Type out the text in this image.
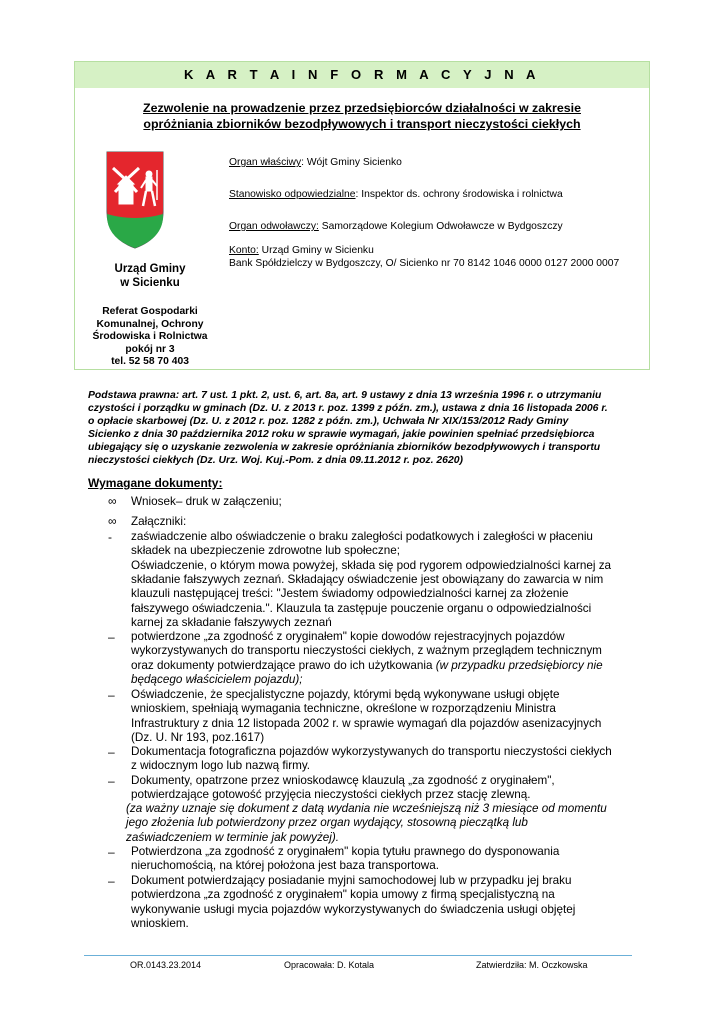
K A R T A I N F O R M A C Y J N A
Zezwolenie na prowadzenie przez przedsiębiorców działalności w zakresie
opróżniania zbiorników bezodpływowych i transport nieczystości ciekłych
Urząd Gminy
w Sicienku
Referat Gospodarki
Komunalnej, Ochrony
Środowiska i Rolnictwa
pokój nr 3
tel. 52 58 70 403
Organ właściwy: Wójt Gminy Sicienko
Stanowisko odpowiedzialne: Inspektor ds. ochrony środowiska i rolnictwa
Organ odwoławczy: Samorządowe Kolegium Odwoławcze w Bydgoszczy
Konto: Urząd Gminy w Sicienku
Bank Spółdzielczy w Bydgoszczy, O/ Sicienko nr 70 8142 1046 0000 0127 2000 0007
Podstawa prawna: art. 7 ust. 1 pkt. 2, ust. 6, art. 8a, art. 9 ustawy z dnia 13 września 1996 r. o utrzymaniu
czystości i porządku w gminach (Dz. U. z 2013 r. poz. 1399 z późn. zm.), ustawa z dnia 16 listopada 2006 r.
o opłacie skarbowej (Dz. U. z 2012 r. poz. 1282 z późn. zm.), Uchwała Nr XIX/153/2012 Rady Gminy
Sicienko z dnia 30 października 2012 roku w sprawie wymagań, jakie powinien spełniać przedsiębiorca
ubiegający się o uzyskanie zezwolenia w zakresie opróżniania zbiorników bezodpływowych i transportu
nieczystości ciekłych (Dz. Urz. Woj. Kuj.-Pom. z dnia 09.11.2012 r. poz. 2620)
Wymagane dokumenty:
∞ Wniosek– druk w załączeniu;
∞ Załączniki:
- zaświadczenie albo oświadczenie o braku zaległości podatkowych i zaległości w płaceniu
składek na ubezpieczenie zdrowotne lub społeczne;
Oświadczenie, o którym mowa powyżej, składa się pod rygorem odpowiedzialności karnej za
składanie fałszywych zeznań. Składający oświadczenie jest obowiązany do zawarcia w nim
klauzuli następującej treści: "Jestem świadomy odpowiedzialności karnej za złożenie
fałszywego oświadczenia.". Klauzula ta zastępuje pouczenie organu o odpowiedzialności
karnej za składanie fałszywych zeznań
– potwierdzone „za zgodność z oryginałem" kopie dowodów rejestracyjnych pojazdów
wykorzystywanych do transportu nieczystości ciekłych, z ważnym przeglądem technicznym
oraz dokumenty potwierdzające prawo do ich użytkowania (w przypadku przedsiębiorcy nie
będącego właścicielem pojazdu);
– Oświadczenie, że specjalistyczne pojazdy, którymi będą wykonywane usługi objęte
wnioskiem, spełniają wymagania techniczne, określone w rozporządzeniu Ministra
Infrastruktury z dnia 12 listopada 2002 r. w sprawie wymagań dla pojazdów asenizacyjnych
(Dz. U. Nr 193, poz.1617)
– Dokumentacja fotograficzna pojazdów wykorzystywanych do transportu nieczystości ciekłych
z widocznym logo lub nazwą firmy.
– Dokumenty, opatrzone przez wnioskodawcę klauzulą „za zgodność z oryginałem",
potwierdzające gotowość przyjęcia nieczystości ciekłych przez stację zlewną.
(za ważny uznaje się dokument z datą wydania nie wcześniejszą niż 3 miesiące od momentu
jego złożenia lub potwierdzony przez organ wydający, stosowną pieczątką lub
zaświadczeniem w terminie jak powyżej).
– Potwierdzona „za zgodność z oryginałem" kopia tytułu prawnego do dysponowania
nieruchomością, na której położona jest baza transportowa.
– Dokument potwierdzający posiadanie myjni samochodowej lub w przypadku jej braku
potwierdzona „za zgodność z oryginałem" kopia umowy z firmą specjalistyczną na
wykonywanie usługi mycia pojazdów wykorzystywanych do świadczenia usługi objętej
wnioskiem.
OR.0143.23.2014	Opracowała: D. Kotala	Zatwierdziła: M. Oczkowska
